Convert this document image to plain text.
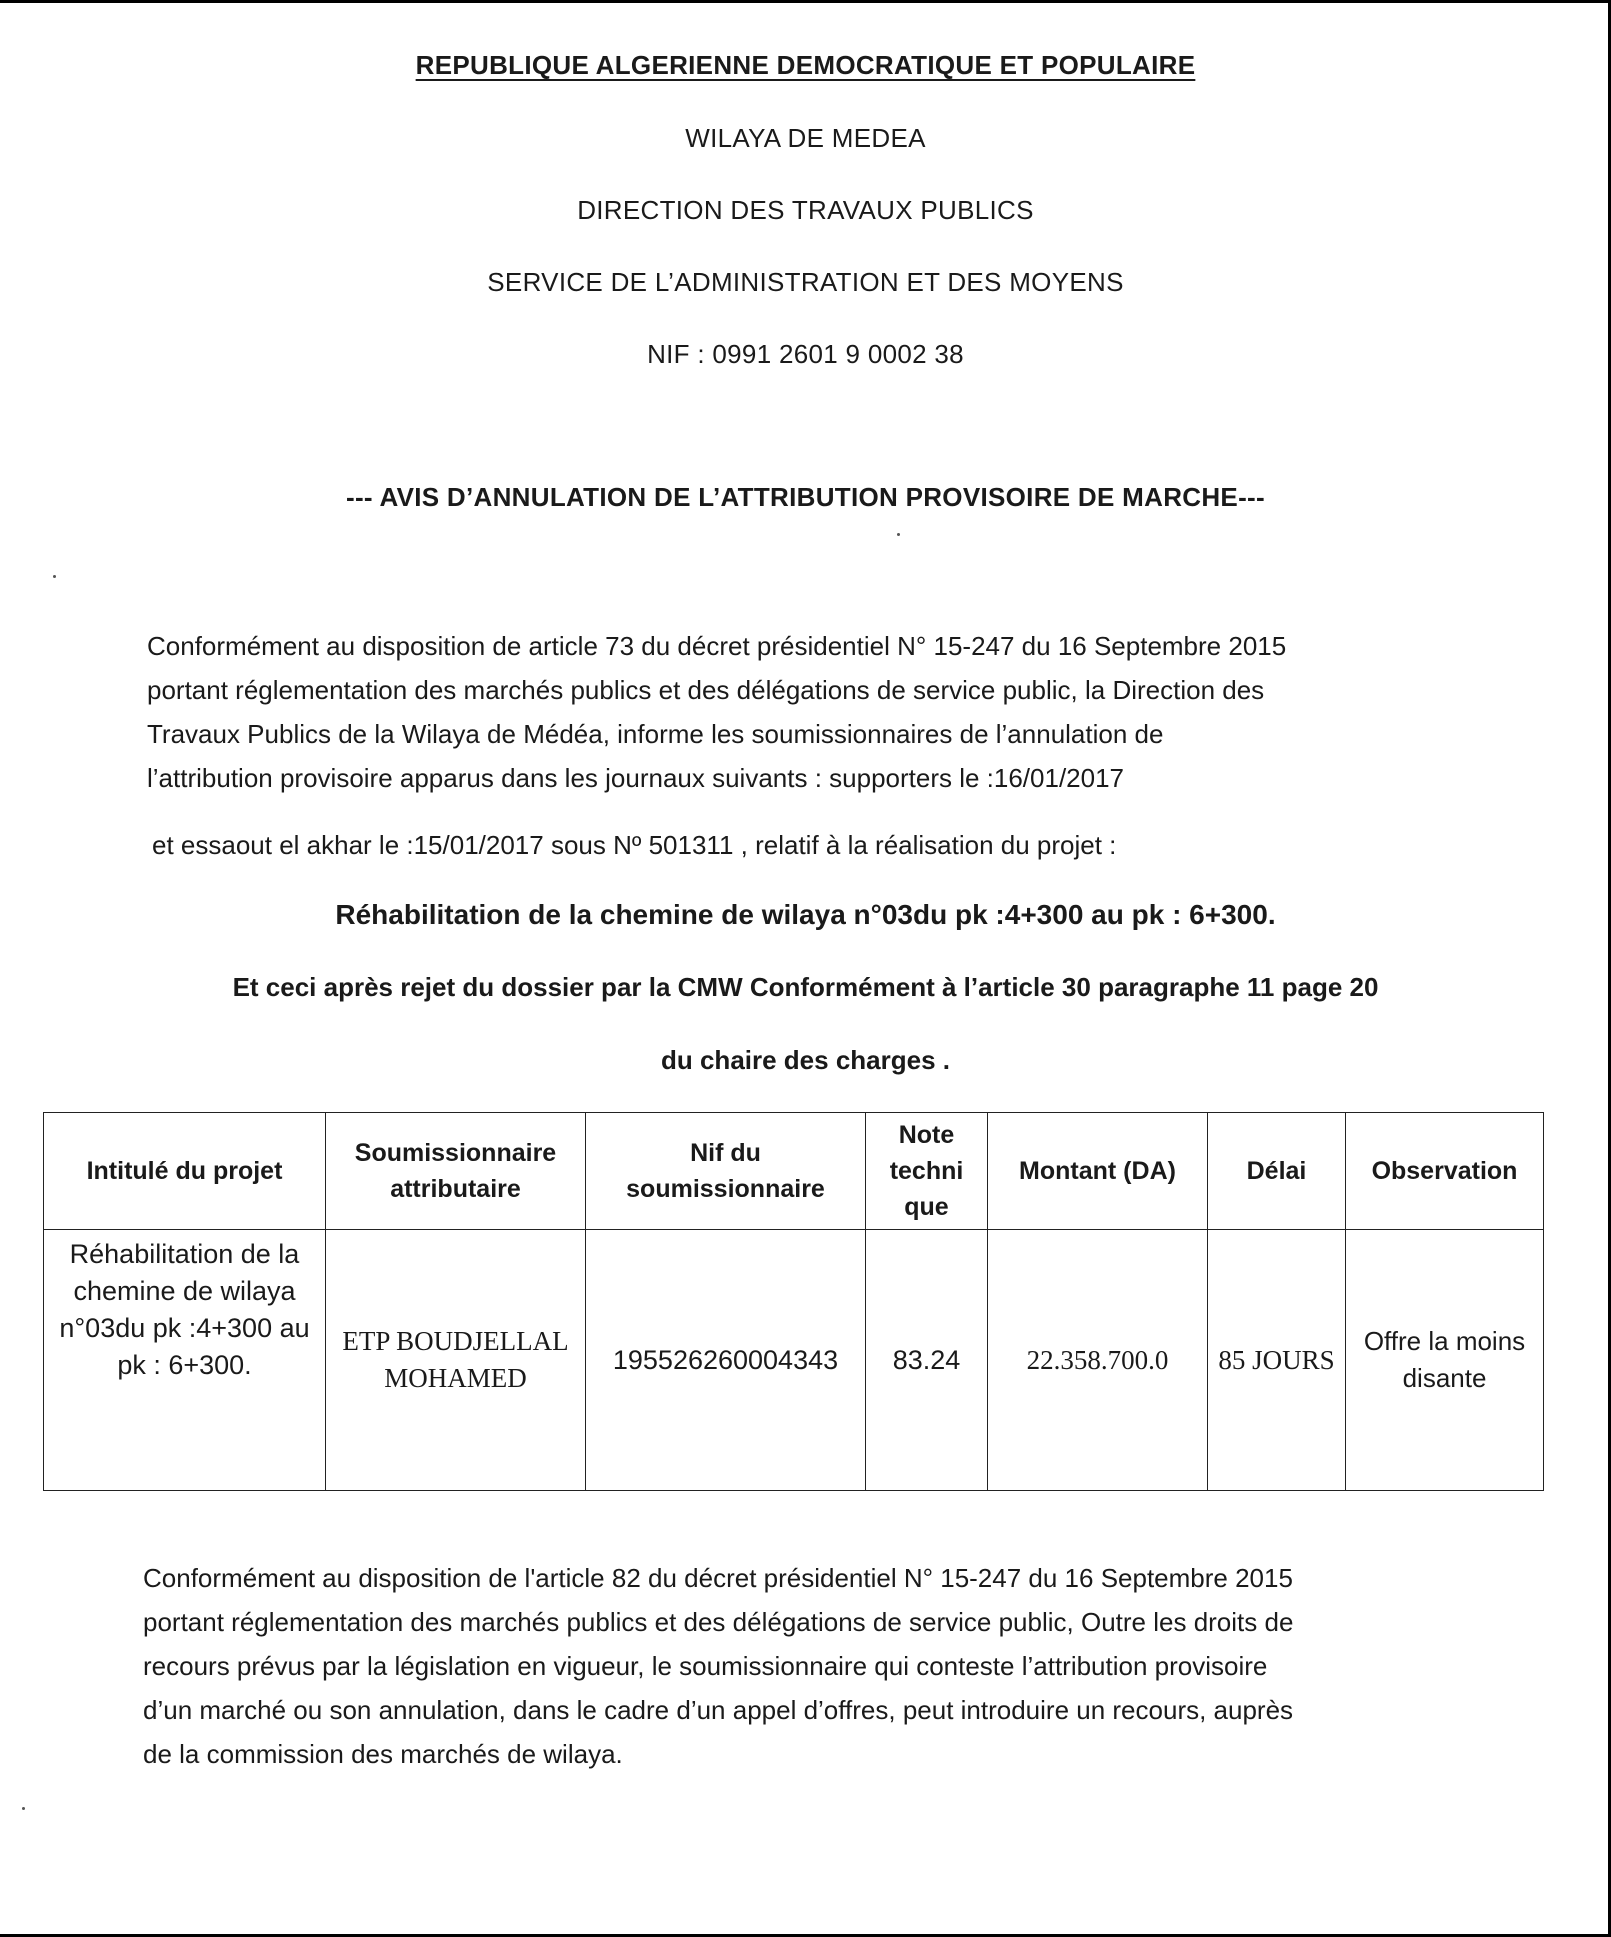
REPUBLIQUE ALGERIENNE DEMOCRATIQUE ET POPULAIRE
WILAYA DE MEDEA
DIRECTION DES TRAVAUX PUBLICS
SERVICE DE L’ADMINISTRATION ET DES MOYENS
NIF : 0991 2601 9 0002 38
--- AVIS D’ANNULATION DE L’ATTRIBUTION PROVISOIRE DE MARCHE---
Conformément au disposition de article 73 du décret présidentiel N° 15-247 du 16 Septembre 2015
portant réglementation des marchés publics et des délégations de service public, la Direction des
Travaux Publics de la Wilaya de Médéa, informe les soumissionnaires de l’annulation de
l’attribution provisoire apparus dans les journaux suivants : supporters le :16/01/2017
et essaout el akhar le :15/01/2017 sous Nº 501311 , relatif à la réalisation du projet :
Réhabilitation de la chemine de wilaya n°03du pk :4+300 au pk : 6+300.
Et ceci après rejet du dossier par la CMW Conformément à l’article 30 paragraphe 11 page 20
du chaire des charges .
Intitulé du projet	Soumissionnaire attributaire	Nif du soumissionnaire	Note techni que	Montant (DA)	Délai	Observation
Réhabilitation de la chemine de wilaya n°03du pk :4+300 au pk : 6+300.	ETP BOUDJELLAL MOHAMED	195526260004343	83.24	22.358.700.0	85 JOURS	Offre la moins disante
Conformément au disposition de l'article 82 du décret présidentiel N° 15-247 du 16 Septembre 2015
portant réglementation des marchés publics et des délégations de service public, Outre les droits de
recours prévus par la législation en vigueur, le soumissionnaire qui conteste l’attribution provisoire
d’un marché ou son annulation, dans le cadre d’un appel d’offres, peut introduire un recours, auprès
de la commission des marchés de wilaya.
